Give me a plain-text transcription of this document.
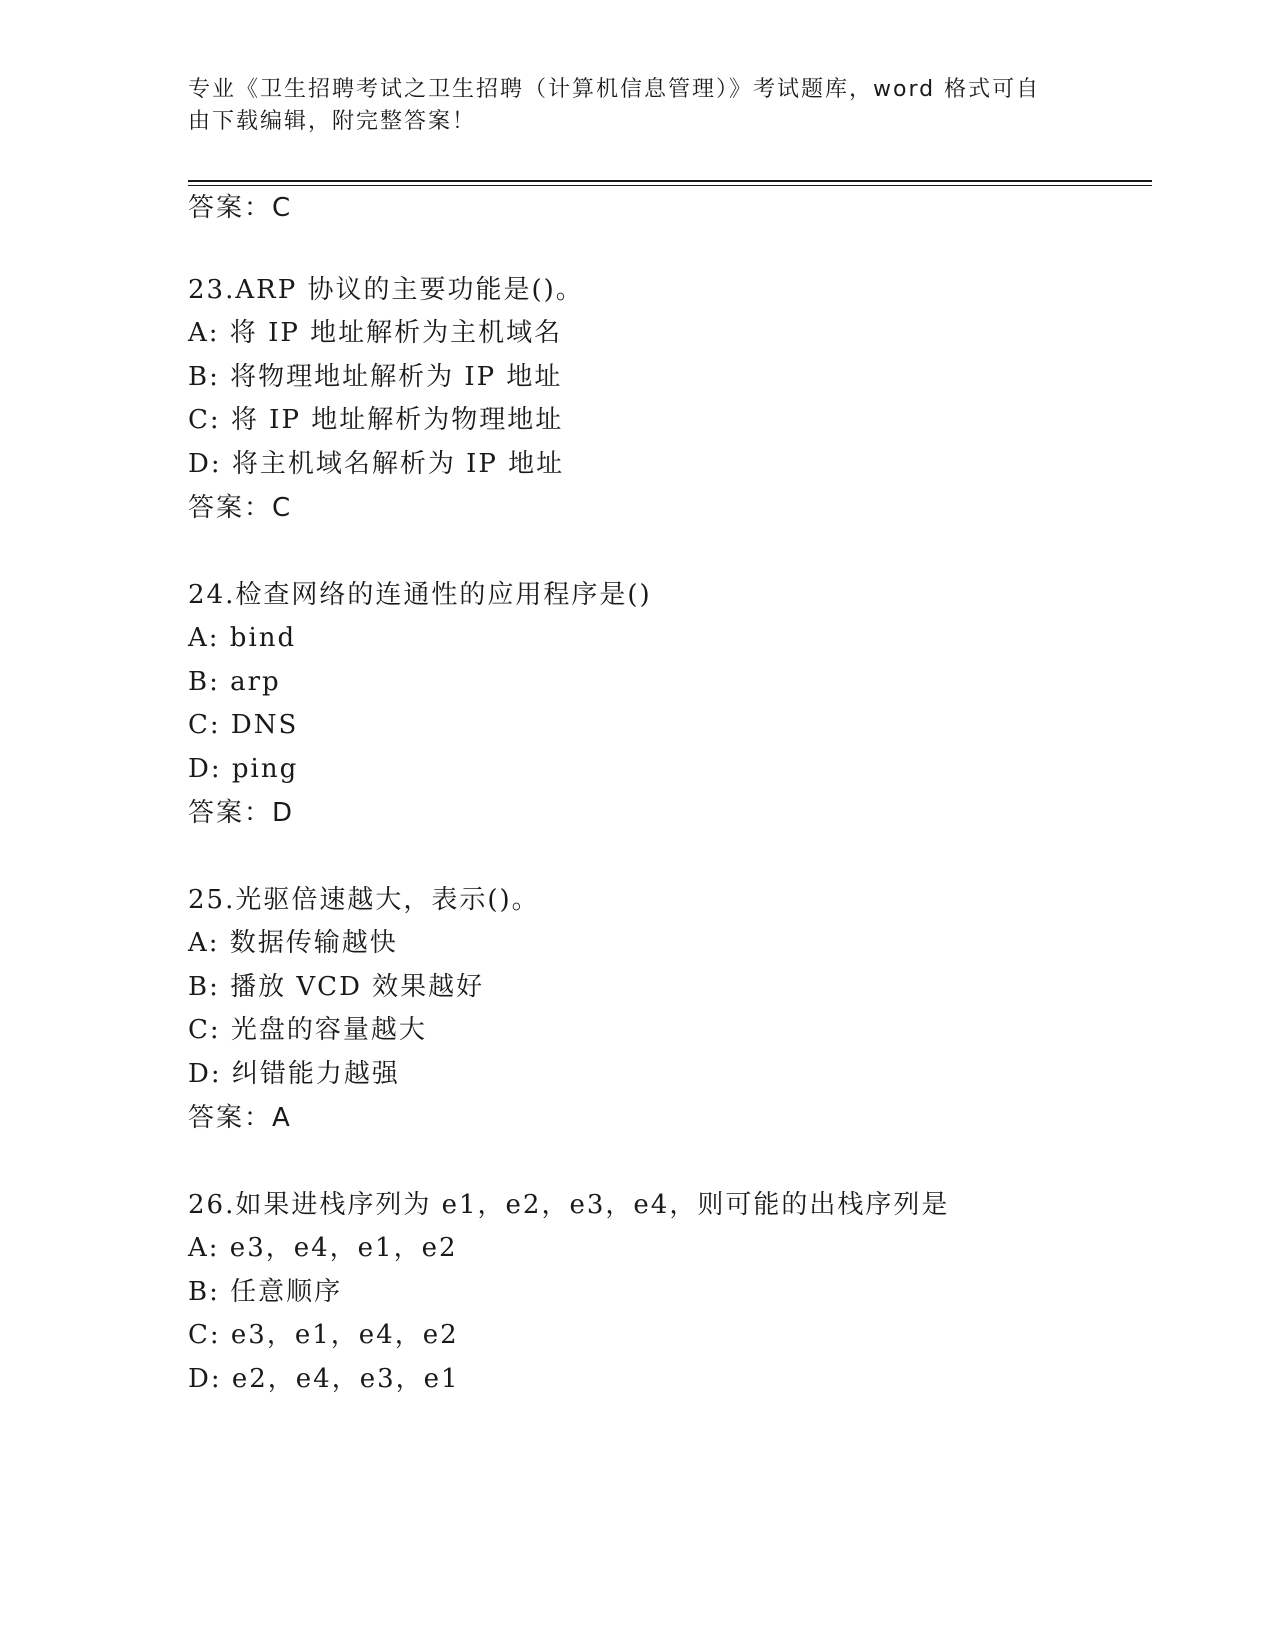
专业《卫生招聘考试之卫生招聘（计算机信息管理）》考试题库，word 格式可自
由下载编辑，附完整答案！
答案：C
23.ARP 协议的主要功能是()。
A: 将 IP 地址解析为主机域名
B: 将物理地址解析为 IP 地址
C: 将 IP 地址解析为物理地址
D: 将主机域名解析为 IP 地址
答案：C
24.检查网络的连通性的应用程序是()
A: bind
B: arp
C: DNS
D: ping
答案：D
25.光驱倍速越大，表示()。
A: 数据传输越快
B: 播放 VCD 效果越好
C: 光盘的容量越大
D: 纠错能力越强
答案：A
26.如果进栈序列为 e1，e2，e3，e4，则可能的出栈序列是
A: e3，e4，e1，e2
B: 任意顺序
C: e3，e1，e4，e2
D: e2，e4，e3，e1
